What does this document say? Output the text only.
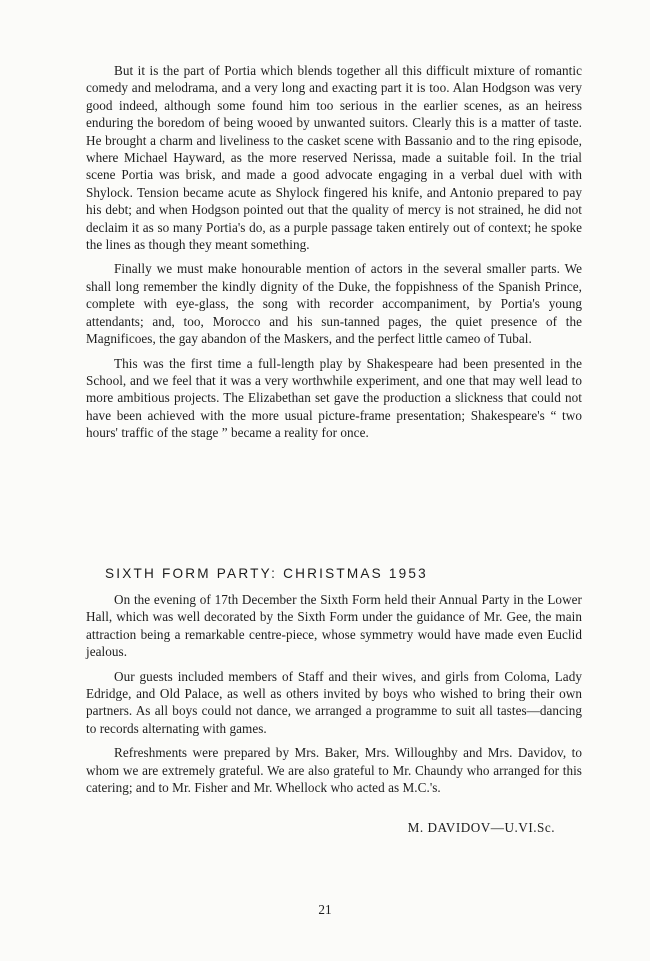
But it is the part of Portia which blends together all this difficult mixture of romantic comedy and melodrama, and a very long and exacting part it is too. Alan Hodgson was very good indeed, although some found him too serious in the earlier scenes, as an heiress enduring the boredom of being wooed by unwanted suitors. Clearly this is a matter of taste. He brought a charm and liveliness to the casket scene with Bassanio and to the ring episode, where Michael Hayward, as the more reserved Nerissa, made a suitable foil. In the trial scene Portia was brisk, and made a good advocate engaging in a verbal duel with with Shylock. Tension became acute as Shylock fingered his knife, and Antonio prepared to pay his debt; and when Hodgson pointed out that the quality of mercy is not strained, he did not declaim it as so many Portia's do, as a purple passage taken entirely out of context; he spoke the lines as though they meant something.

Finally we must make honourable mention of actors in the several smaller parts. We shall long remember the kindly dignity of the Duke, the foppishness of the Spanish Prince, complete with eye-glass, the song with recorder accompaniment, by Portia's young attendants; and, too, Morocco and his sun-tanned pages, the quiet presence of the Magnificoes, the gay abandon of the Maskers, and the perfect little cameo of Tubal.

This was the first time a full-length play by Shakespeare had been presented in the School, and we feel that it was a very worthwhile experiment, and one that may well lead to more ambitious projects. The Elizabethan set gave the production a slickness that could not have been achieved with the more usual picture-frame presentation; Shakespeare's “ two hours' traffic of the stage ” became a reality for once.

SIXTH FORM PARTY: CHRISTMAS 1953

On the evening of 17th December the Sixth Form held their Annual Party in the Lower Hall, which was well decorated by the Sixth Form under the guidance of Mr. Gee, the main attraction being a remarkable centre-piece, whose symmetry would have made even Euclid jealous.

Our guests included members of Staff and their wives, and girls from Coloma, Lady Edridge, and Old Palace, as well as others invited by boys who wished to bring their own partners. As all boys could not dance, we arranged a programme to suit all tastes—dancing to records alternating with games.

Refreshments were prepared by Mrs. Baker, Mrs. Willoughby and Mrs. Davidov, to whom we are extremely grateful. We are also grateful to Mr. Chaundy who arranged for this catering; and to Mr. Fisher and Mr. Whellock who acted as M.C.'s.

M. DAVIDOV—U.VI.Sc.

21
